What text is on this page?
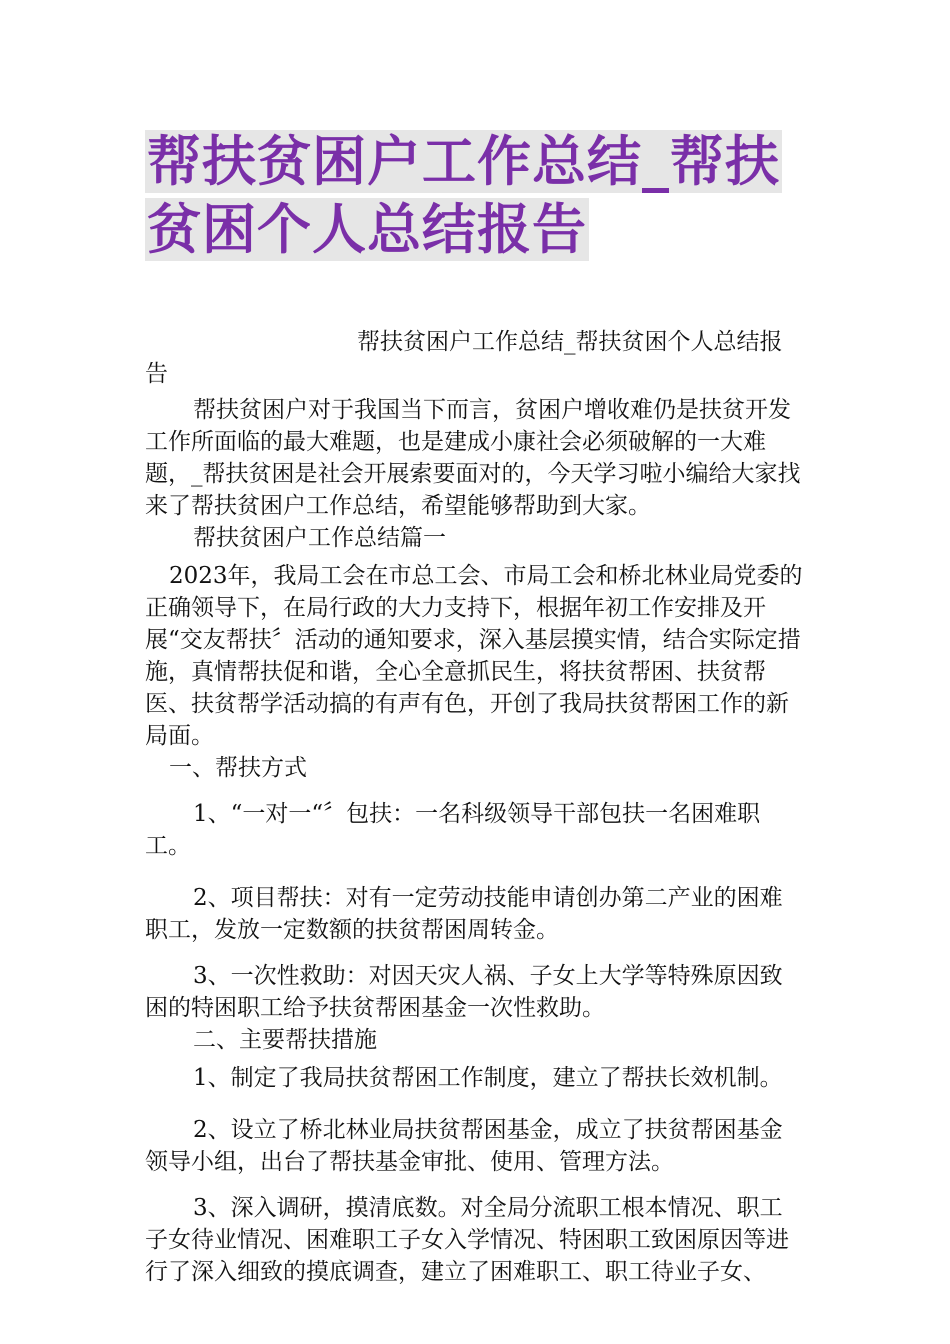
帮扶贫困户工作总结_帮扶贫困个人总结报告

帮扶贫困户工作总结_帮扶贫困个人总结报告

帮扶贫困户对于我国当下而言，贫困户增收难仍是扶贫开发工作所面临的最大难题，也是建成小康社会必须破解的一大难题，_帮扶贫困是社会开展索要面对的，今天学习啦小编给大家找来了帮扶贫困户工作总结，希望能够帮助到大家。

帮扶贫困户工作总结篇一

2023年，我局工会在市总工会、市局工会和桥北林业局党委的正确领导下，在局行政的大力支持下，根据年初工作安排及开展“交友帮扶〞活动的通知要求，深入基层摸实情，结合实际定措施，真情帮扶促和谐，全心全意抓民生，将扶贫帮困、扶贫帮医、扶贫帮学活动搞的有声有色，开创了我局扶贫帮困工作的新局面。

一、帮扶方式

1、“一对一“〞包扶：一名科级领导干部包扶一名困难职工。

2、项目帮扶：对有一定劳动技能申请创办第二产业的困难职工，发放一定数额的扶贫帮困周转金。

3、一次性救助：对因天灾人祸、子女上大学等特殊原因致困的特困职工给予扶贫帮困基金一次性救助。

二、主要帮扶措施

1、制定了我局扶贫帮困工作制度，建立了帮扶长效机制。

2、设立了桥北林业局扶贫帮困基金，成立了扶贫帮困基金领导小组，出台了帮扶基金审批、使用、管理方法。

3、深入调研，摸清底数。对全局分流职工根本情况、职工子女待业情况、困难职工子女入学情况、特困职工致困原因等进行了深入细致的摸底调查，建立了困难职工、职工待业子女、
